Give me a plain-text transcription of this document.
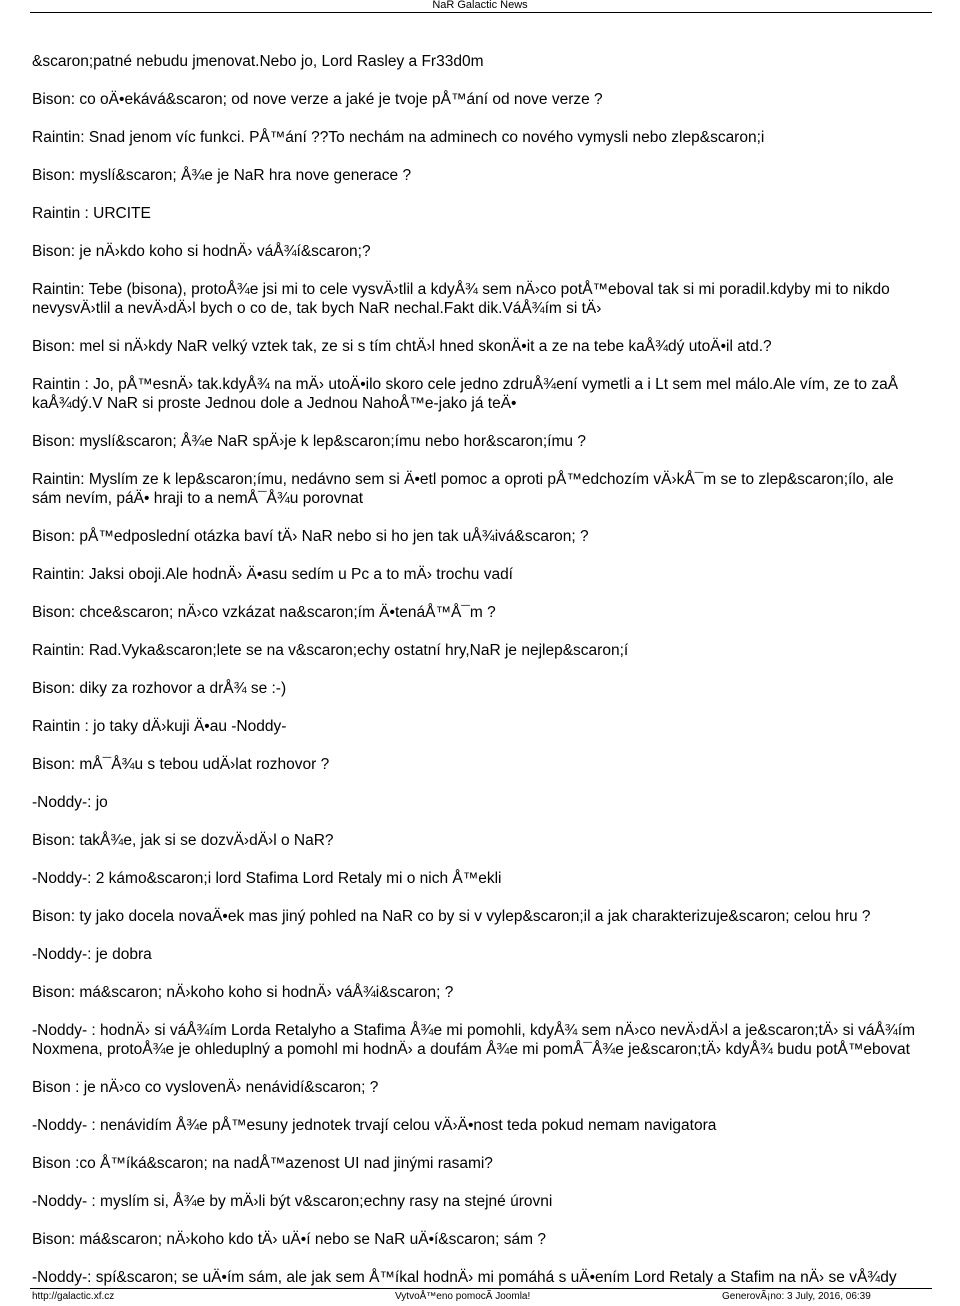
NaR Galactic News

&scaron;patné nebudu jmenovat.Nebo jo, Lord Rasley a Fr33d0m

Bison: co oÄ•ekává&scaron; od nove verze a jaké je tvoje pÅ™ání od nove verze ?

Raintin: Snad jenom víc funkci. PÅ™ání ??To nechám na adminech co nového vymysli nebo zlep&scaron;i

Bison: myslí&scaron; Å¾e je NaR hra nove generace ?

Raintin : URCITE

Bison: je nÄ›kdo koho si hodnÄ› váÅ¾í&scaron;?

Raintin: Tebe (bisona), protoÅ¾e jsi mi to cele vysvÄ›tlil a kdyÅ¾ sem nÄ›co potÅ™eboval tak si mi poradil.kdyby mi to nikdo
nevysvÄ›tlil a nevÄ›dÄ›l bych o co de, tak bych NaR nechal.Fakt dik.VáÅ¾ím si tÄ›

Bison: mel si nÄ›kdy NaR velký vztek tak, ze si s tím chtÄ›l hned skonÄ•it a ze na tebe kaÅ¾dý utoÄ•il atd.?

Raintin : Jo, pÅ™esnÄ› tak.kdyÅ¾ na mÄ› utoÄ•ilo skoro cele jedno zdruÅ¾ení vymetli a i Lt sem mel málo.Ale vím, ze to zaÅ
kaÅ¾dý.V NaR si proste Jednou dole a Jednou NahoÅ™e-jako já teÄ•

Bison: myslí&scaron; Å¾e NaR spÄ›je k lep&scaron;ímu nebo hor&scaron;ímu ?

Raintin: Myslím ze k lep&scaron;ímu, nedávno sem si Ä•etl pomoc a oproti pÅ™edchozím vÄ›kÅ¯m se to zlep&scaron;ílo, ale
sám nevím, páÄ• hraji to a nemÅ¯Å¾u porovnat

Bison: pÅ™edposlední otázka baví tÄ› NaR nebo si ho jen tak uÅ¾ivá&scaron; ?

Raintin: Jaksi oboji.Ale hodnÄ› Ä•asu sedím u Pc a to mÄ› trochu vadí

Bison: chce&scaron; nÄ›co vzkázat na&scaron;ím Ä•tenáÅ™Å¯m ?

Raintin: Rad.Vyka&scaron;lete se na v&scaron;echy ostatní hry,NaR je nejlep&scaron;í

Bison: diky za rozhovor a drÅ¾ se :-)

Raintin : jo taky dÄ›kuji Ä•au -Noddy-

Bison: mÅ¯Å¾u s tebou udÄ›lat rozhovor ?

-Noddy-: jo

Bison: takÅ¾e, jak si se dozvÄ›dÄ›l o NaR?

-Noddy-: 2 kámo&scaron;i lord Stafima Lord Retaly mi o nich Å™ekli

Bison: ty jako docela novaÄ•ek mas jiný pohled na NaR co by si v vylep&scaron;il a jak charakterizuje&scaron; celou hru ?

-Noddy-: je dobra

Bison: má&scaron; nÄ›koho koho si hodnÄ› váÅ¾i&scaron; ?

-Noddy- : hodnÄ› si váÅ¾ím Lorda Retalyho a Stafima Å¾e mi pomohli, kdyÅ¾ sem nÄ›co nevÄ›dÄ›l a je&scaron;tÄ› si váÅ¾ím
Noxmena, protoÅ¾e je ohleduplný a pomohl mi hodnÄ› a doufám Å¾e mi pomÅ¯Å¾e je&scaron;tÄ› kdyÅ¾ budu potÅ™ebovat

Bison : je nÄ›co co vyslovenÄ› nenávidí&scaron; ?

-Noddy- : nenávidím Å¾e pÅ™esuny jednotek trvají celou vÄ›Ä•nost teda pokud nemam navigatora

Bison :co Å™íká&scaron; na nadÅ™azenost UI nad jinými rasami?

-Noddy- : myslím si, Å¾e by mÄ›li být v&scaron;echny rasy na stejné úrovni

Bison: má&scaron; nÄ›koho kdo tÄ› uÄ•í nebo se NaR uÄ•í&scaron; sám ?

-Noddy-: spí&scaron; se uÄ•ím sám, ale jak sem Å™íkal hodnÄ› mi pomáhá s uÄ•ením Lord Retaly a Stafim na nÄ› se vÅ¾dy

http://galactic.xf.cz	VytvoÅ™eno pomocÃ Joomla!	GenerovÃ¡no: 3 July, 2016, 06:39
